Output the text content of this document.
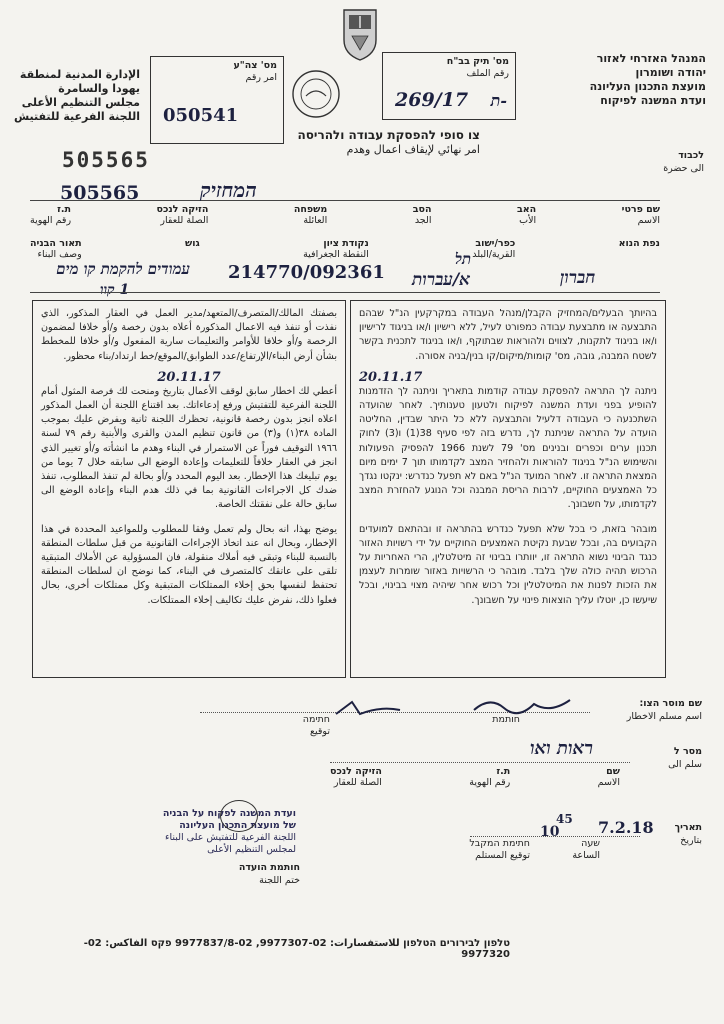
המנהל האזרחי לאזור
יהודה ושומרון
מועצת התכנון העליונה
ועדת המשנה לפיקוח
الإدارة المدنية لمنطقة
يهودا والسامرة
مجلس التنظيم الأعلى
اللجنة الفرعية للتفتيش
מס' תיק בב"ח
رقم الملف
269/17 ת-
מס' צה"ע
امر رقم
050541
צו סופי להפסקת עבודה ולהריסה
امر نهائي لإيقاف اعمال وهدم
505565	לכבוד
الى حضرة
המחזיק
505565
שם פרטי
الاسم
האב
الأب
הסב
الجد
משפחה
العائلة
הזיקה לנכס
الصلة للعقار
ת.ז
رقم الهوية
נפת הנוא
כפר/ישוב
القرية/البلد
נקודת ציון
النقطة الجغرافية
גוש
תאור הבניה
وصف البناء
חברון
תל
א/עברות
214770/092361
עמודים להקמת קו מים
1 קוו
בהיותך הבעלים/המחזיק הקבלן/מנהל העבודה במקרקעין הנ"ל שבהם התבצעה או מתבצעת עבודה כמפורט לעיל, ללא רישיון ו/או בניגוד לרישיון ו/או בניגוד לתקנות, לצווים ולהוראות שבתוקף, ו/או בניגוד לתכנית בקשר לשטח המבנה, גובה, מס' קומות/מיקום/קו בנין/בניה אסורה.
20.11.17
ניתנה לך התראה להפסקת עבודה קודמות בתאריך וניתנה לך הזדמנות להופיע בפני ועדת המשנה לפיקוח ולטעון טענותיך. לאחר שהועדה השתכנעה כי העבודה דלעיל והתבצעה ללא כל היתר שבדין, החליטה הועדה על התראה שניתנת לך, נדרש בזה לפי סעיף 38(1) ו(3) לחוק תכנון ערים וכפרים ובנינים מס' 79 לשנת 1966 להפסיק הפעולות והשימוש הנ"ל בניגוד להוראות ולהחזיר המצב לקדמותו תוך 7 ימים מיום המצאת התראה זו. לאחר המועד הנ"ל באם לא תפעל כנדרש: ינקטו נגדך כל האמצעים החוקיים, לרבות הריסת המבנה וכל הנוגע להחזרת המצב לקדמותו, על חשבונך.
מובהר בזאת, כי בכל שלא תפעל כנדרש בהתראה זו ובהתאם למועדים הקבועים בה, ובכל שבעת נקיטת האמצעים החוקיים על ידי רשויות האזור כנגד הבינוי נשוא התראה זו, יוותרו בבינוי זה מיטלטלין, הרי האחריות על הרכוש תהיה כולה שלך בלבד. מובהר כי הרשויות באזור שומרות לעצמן את הזכות לפנות את המיטלטלין וכל רכוש אחר שיהיה מצוי בבינוי, ובכל שיעשו כן, יוטלו עליך הוצאות פינוי על חשבונך.
بصفتك المالك/المتصرف/المتعهد/مدير العمل في العقار المذكور، الذي نفذت أو تنفذ فيه الاعمال المذكورة أعلاه بدون رخصة و/أو خلافا لمضمون الرخصة و/أو خلافا للأوامر والتعليمات سارية المفعول و/أو خلافا للمخطط بشأن أرض البناء/الإرتفاع/عدد الطوابق/الموقع/خط ارتداد/بناء محظور.
20.11.17
أعطي لك اخطار سابق لوقف الأعمال بتاريخ ومنحت لك فرصة المثول أمام اللجنة الفرعية للتفتيش ورفع إدعاءاتك. بعد اقتناع اللجنة أن العمل المذكور اعلاه انجز بدون رخصة قانونية، تحظرك اللجنة ثانية ويفرض عليك بموجب المادة ٣٨(١) و(٣) من قانون تنظيم المدن والقرى والأبنية رقم ٧٩ لسنة ١٩٦٦ التوقيف فوراً عن الاستمرار في البناء وهدم ما انشأته و/أو تغيير الذي انجز في العقار خلافاً للتعليمات وإعادة الوضع الى سابقه خلال 7 يوما من يوم تبليغك هذا الإخطار. بعد اليوم المحدد و/أو بحالة لم تنفذ المطلوب، تنفذ ضدك كل الاجراءات القانونية بما في ذلك هدم البناء وإعادة الوضع الى سابق حالة على نفقتك الخاصة.
يوضح بهذا، انه بحال ولم تعمل وفقا للمطلوب وللمواعيد المحددة في هذا الإخطار، وبحال انه عند اتخاذ الإجراءات القانونية من قبل سلطات المنطقة بالنسبة للبناء وتبقى فيه أملاك منقولة، فان المسؤولية عن الأملاك المتبقية تلقى على عاتقك كالمتصرف في البناء، كما نوضح ان لسلطات المنطقة تحتفظ لنفسها بحق إخلاء الممتلكات المتبقية وكل ممتلكات أخرى، بحال فعلوا ذلك، نفرض عليك تكاليف إخلاء الممتلكات.
שם מוסר הצו:
اسم مسلم الاخطار
חותמת
חתימה
توقيع
מסר ל
سلم الى
ראות ואו
שם
الاسم
ת.ז
رقم الهوية
הזיקה לנכס
الصلة للعقار
תאריך
بتاريخ
7.2.18
שעה
الساعة
10
45
חתימת המקבל
توقيع المستلم
ועדת המשנה לפקוח על הבניה
של מועצת התכנון העליונה
اللجنة الفرعية للتفتيش على البناء
لمجلس التنظيم الأعلى
חותמת הועדה
ختم اللجنة
טלפון לבירורים הטלפון للاستفسارات: 02-9977307, 02-9977837/8 פקס الفاكس: 02-9977320
